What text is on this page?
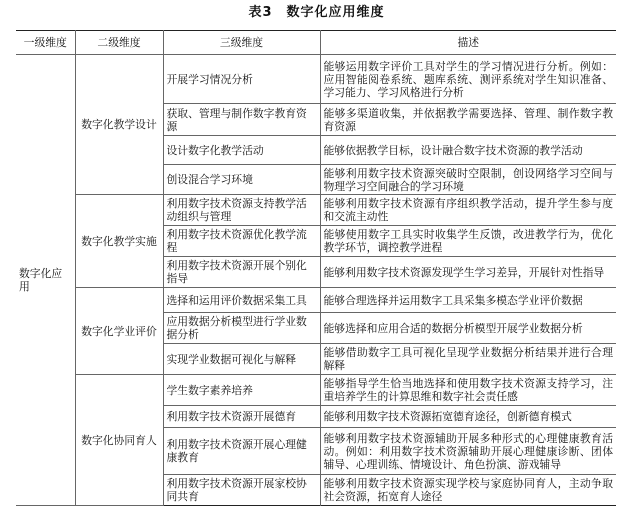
表3　数字化应用维度
一级维度	二级维度	三级维度	描述
数字化应用	数字化教学设计	开展学习情况分析	能够运用数字评价工具对学生的学习情况进行分析。例如：应用智能阅卷系统、题库系统、测评系统对学生知识准备、学习能力、学习风格进行分析
		获取、管理与制作数字教育资源	能够多渠道收集，并依据教学需要选择、管理、制作数字教育资源
		设计数字化教学活动	能够依据教学目标，设计融合数字技术资源的教学活动
		创设混合学习环境	能够利用数字技术资源突破时空限制，创设网络学习空间与物理学习空间融合的学习环境
	数字化教学实施	利用数字技术资源支持教学活动组织与管理	能够利用数字技术资源有序组织教学活动，提升学生参与度和交流主动性
		利用数字技术资源优化教学流程	能够使用数字工具实时收集学生反馈，改进教学行为，优化教学环节，调控教学进程
		利用数字技术资源开展个别化指导	能够利用数字技术资源发现学生学习差异，开展针对性指导
	数字化学业评价	选择和运用评价数据采集工具	能够合理选择并运用数字工具采集多模态学业评价数据
		应用数据分析模型进行学业数据分析	能够选择和应用合适的数据分析模型开展学业数据分析
		实现学业数据可视化与解释	能够借助数字工具可视化呈现学业数据分析结果并进行合理解释
	数字化协同育人	学生数字素养培养	能够指导学生恰当地选择和使用数字技术资源支持学习，注重培养学生的计算思维和数字社会责任感
		利用数字技术资源开展德育	能够利用数字技术资源拓宽德育途径，创新德育模式
		利用数字技术资源开展心理健康教育	能够利用数字技术资源辅助开展多种形式的心理健康教育活动。例如：利用数字技术资源辅助开展心理健康诊断、团体辅导、心理训练、情境设计、角色扮演、游戏辅导
		利用数字技术资源开展家校协同共育	能够利用数字技术资源实现学校与家庭协同育人，主动争取社会资源，拓宽育人途径
